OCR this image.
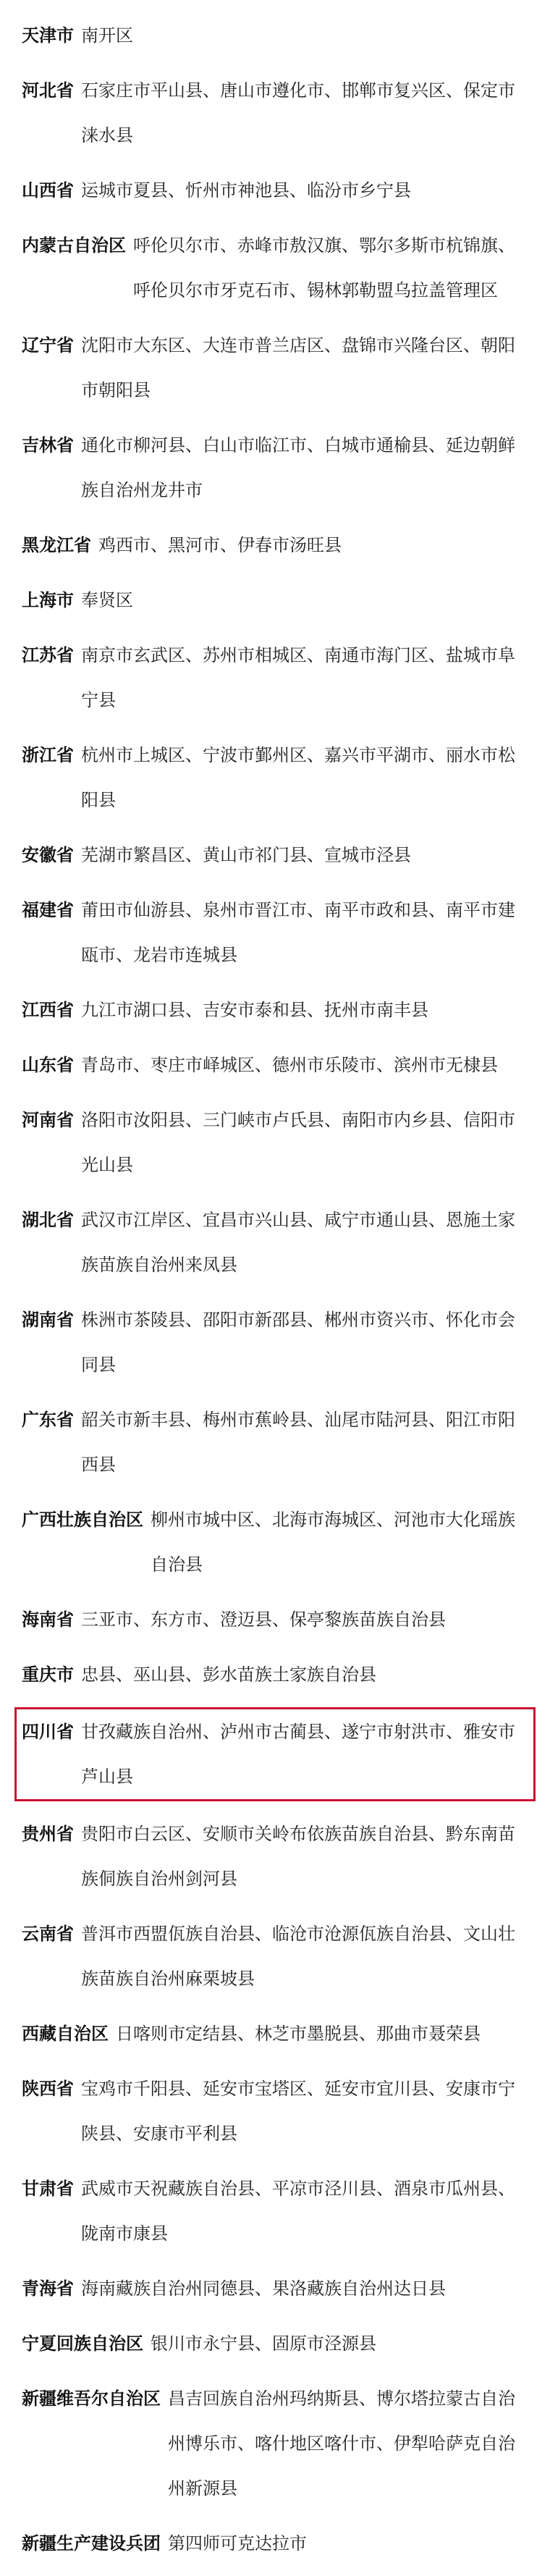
天津市 南开区
河北省 石家庄市平山县、唐山市遵化市、邯郸市复兴区、保定市涞水县
山西省 运城市夏县、忻州市神池县、临汾市乡宁县
内蒙古自治区 呼伦贝尔市、赤峰市敖汉旗、鄂尔多斯市杭锦旗、呼伦贝尔市牙克石市、锡林郭勒盟乌拉盖管理区
辽宁省 沈阳市大东区、大连市普兰店区、盘锦市兴隆台区、朝阳市朝阳县
吉林省 通化市柳河县、白山市临江市、白城市通榆县、延边朝鲜族自治州龙井市
黑龙江省 鸡西市、黑河市、伊春市汤旺县
上海市 奉贤区
江苏省 南京市玄武区、苏州市相城区、南通市海门区、盐城市阜宁县
浙江省 杭州市上城区、宁波市鄞州区、嘉兴市平湖市、丽水市松阳县
安徽省 芜湖市繁昌区、黄山市祁门县、宣城市泾县
福建省 莆田市仙游县、泉州市晋江市、南平市政和县、南平市建瓯市、龙岩市连城县
江西省 九江市湖口县、吉安市泰和县、抚州市南丰县
山东省 青岛市、枣庄市峄城区、德州市乐陵市、滨州市无棣县
河南省 洛阳市汝阳县、三门峡市卢氏县、南阳市内乡县、信阳市光山县
湖北省 武汉市江岸区、宜昌市兴山县、咸宁市通山县、恩施土家族苗族自治州来凤县
湖南省 株洲市茶陵县、邵阳市新邵县、郴州市资兴市、怀化市会同县
广东省 韶关市新丰县、梅州市蕉岭县、汕尾市陆河县、阳江市阳西县
广西壮族自治区 柳州市城中区、北海市海城区、河池市大化瑶族自治县
海南省 三亚市、东方市、澄迈县、保亭黎族苗族自治县
重庆市 忠县、巫山县、彭水苗族土家族自治县
四川省 甘孜藏族自治州、泸州市古蔺县、遂宁市射洪市、雅安市芦山县
贵州省 贵阳市白云区、安顺市关岭布依族苗族自治县、黔东南苗族侗族自治州剑河县
云南省 普洱市西盟佤族自治县、临沧市沧源佤族自治县、文山壮族苗族自治州麻栗坡县
西藏自治区 日喀则市定结县、林芝市墨脱县、那曲市聂荣县
陕西省 宝鸡市千阳县、延安市宝塔区、延安市宜川县、安康市宁陕县、安康市平利县
甘肃省 武威市天祝藏族自治县、平凉市泾川县、酒泉市瓜州县、陇南市康县
青海省 海南藏族自治州同德县、果洛藏族自治州达日县
宁夏回族自治区 银川市永宁县、固原市泾源县
新疆维吾尔自治区 昌吉回族自治州玛纳斯县、博尔塔拉蒙古自治州博乐市、喀什地区喀什市、伊犁哈萨克自治州新源县
新疆生产建设兵团 第四师可克达拉市
